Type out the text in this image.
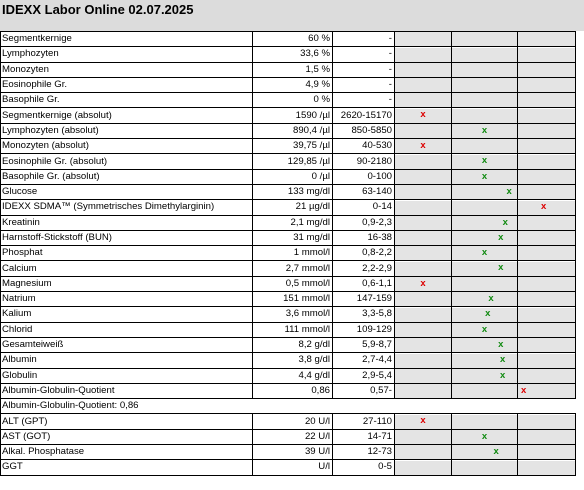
IDEXX Labor Online 02.07.2025
Segmentkernige	60 %	-			
Lymphozyten	33,6 %	-			
Monozyten	1,5 %	-			
Eosinophile Gr.	4,9 %	-			
Basophile Gr.	0 %	-			
Segmentkernige (absolut)	1590 /µl	2620-15170	x		

Lymphozyten (absolut)	890,4 /µl	850-5850		x	

Monozyten (absolut)	39,75 /µl	40-530	x		

Eosinophile Gr. (absolut)	129,85 /µl	90-2180		x	

Basophile Gr. (absolut)	0 /µl	0-100		x	

Glucose	133 mg/dl	63-140		x	

IDEXX SDMA™ (Symmetrisches Dimethylarginin)	21 µg/dl	0-14			x

Kreatinin	2,1 mg/dl	0,9-2,3		x	

Harnstoff-Stickstoff (BUN)	31 mg/dl	16-38		x	

Phosphat	1 mmol/l	0,8-2,2		x	

Calcium	2,7 mmol/l	2,2-2,9		x	

Magnesium	0,5 mmol/l	0,6-1,1	x		

Natrium	151 mmol/l	147-159		x	

Kalium	3,6 mmol/l	3,3-5,8		x	

Chlorid	111 mmol/l	109-129		x	

Gesamteiweiß	8,2 g/dl	5,9-8,7		x	

Albumin	3,8 g/dl	2,7-4,4		x	

Globulin	4,4 g/dl	2,9-5,4		x	

Albumin-Globulin-Quotient	0,86	0,57-			x

Albumin-Globulin-Quotient: 0,86					
ALT (GPT)	20 U/l	27-110	x		

AST (GOT)	22 U/l	14-71		x	

Alkal. Phosphatase	39 U/l	12-73		x	

GGT	U/l	0-5			
